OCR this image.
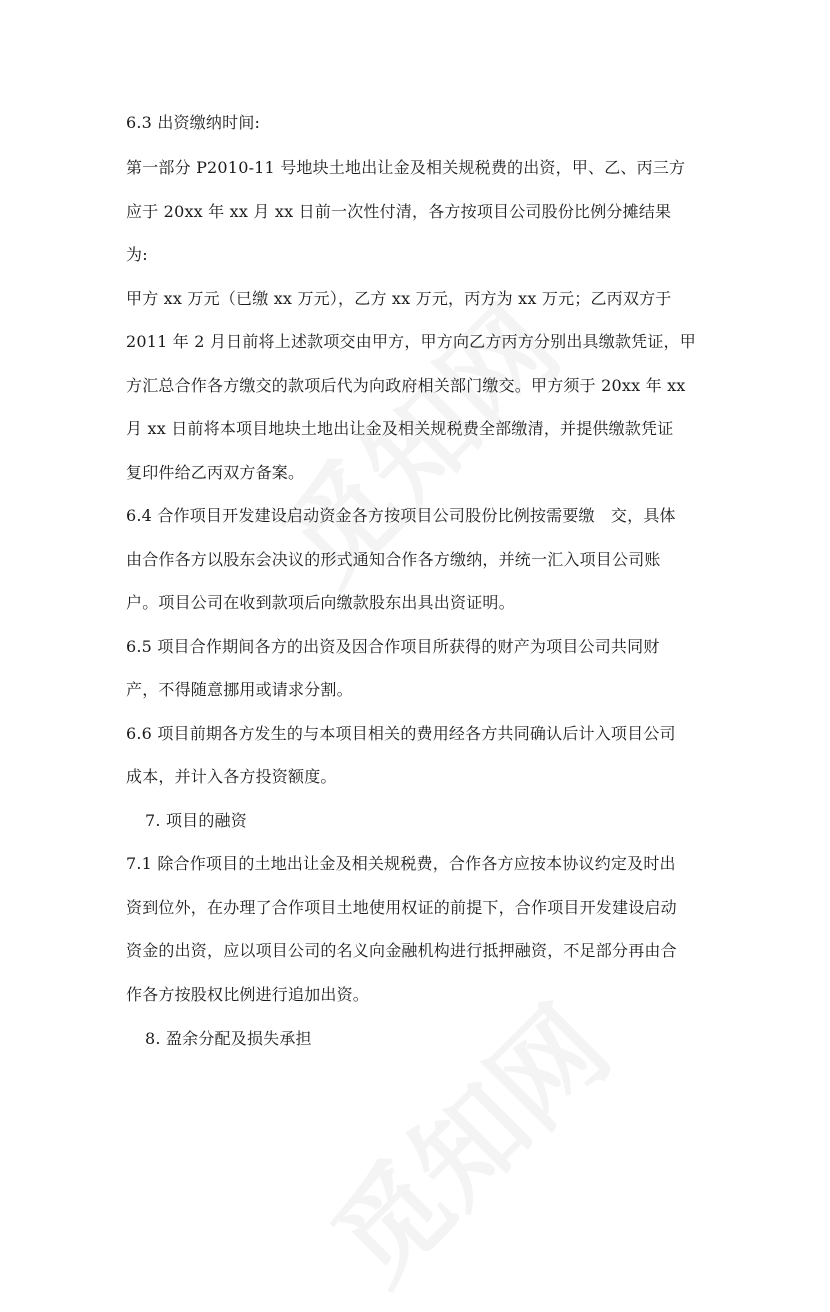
6.3 出资缴纳时间:
第一部分 P2010-11 号地块土地出让金及相关规税费的出资，甲、乙、丙三方
应于 20xx 年 xx 月 xx 日前一次性付清，各方按项目公司股份比例分摊结果
为:
甲方 xx 万元（已缴 xx 万元），乙方 xx 万元，丙方为 xx 万元；乙丙双方于
2011 年 2 月日前将上述款项交由甲方，甲方向乙方丙方分别出具缴款凭证，甲
方汇总合作各方缴交的款项后代为向政府相关部门缴交。甲方须于 20xx 年 xx
月 xx 日前将本项目地块土地出让金及相关规税费全部缴清，并提供缴款凭证
复印件给乙丙双方备案。
6.4 合作项目开发建设启动资金各方按项目公司股份比例按需要缴　交，具体
由合作各方以股东会决议的形式通知合作各方缴纳，并统一汇入项目公司账
户。项目公司在收到款项后向缴款股东出具出资证明。
6.5 项目合作期间各方的出资及因合作项目所获得的财产为项目公司共同财
产，不得随意挪用或请求分割。
6.6 项目前期各方发生的与本项目相关的费用经各方共同确认后计入项目公司
成本，并计入各方投资额度。
7. 项目的融资
7.1 除合作项目的土地出让金及相关规税费，合作各方应按本协议约定及时出
资到位外，在办理了合作项目土地使用权证的前提下，合作项目开发建设启动
资金的出资，应以项目公司的名义向金融机构进行抵押融资，不足部分再由合
作各方按股权比例进行追加出资。
8. 盈余分配及损失承担
